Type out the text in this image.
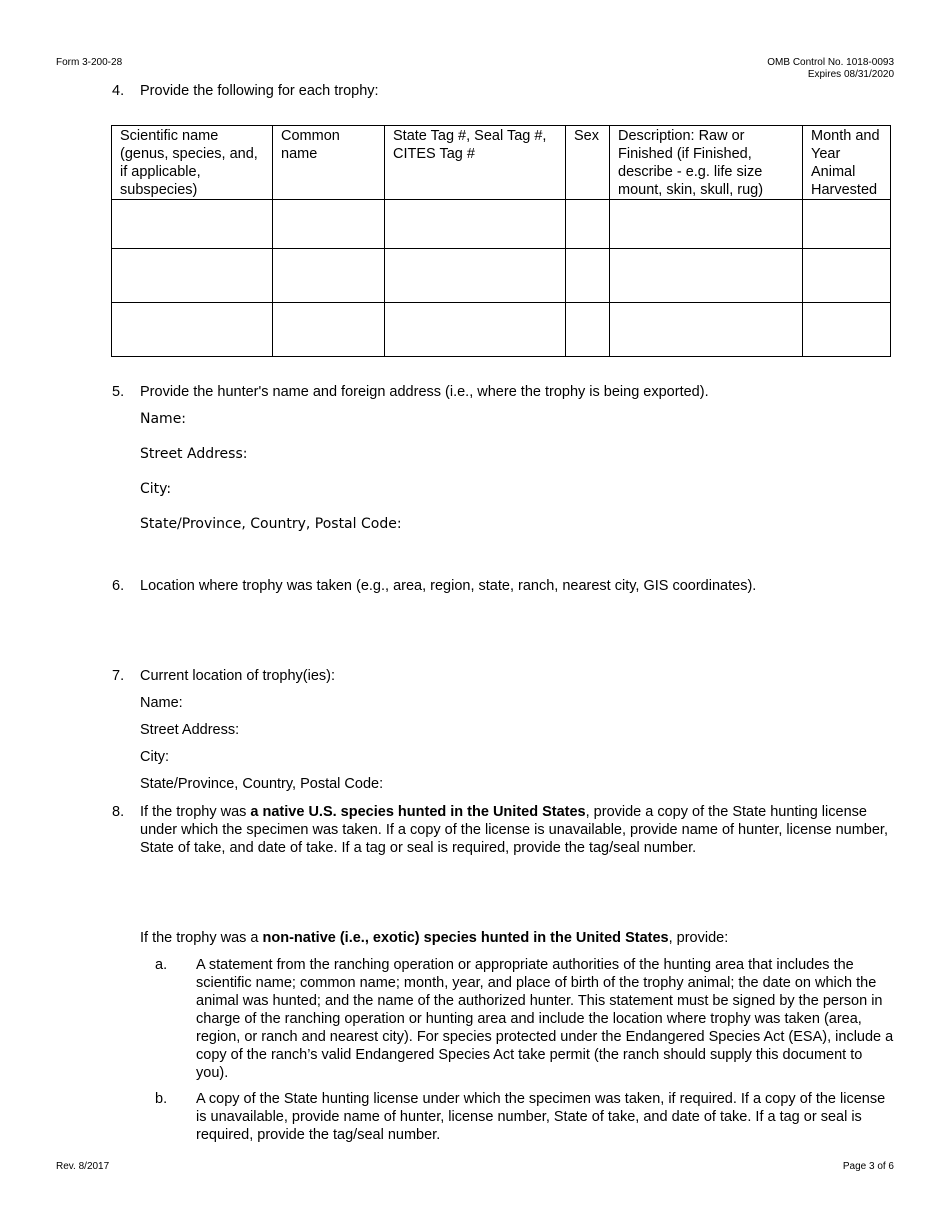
Form 3-200-28	OMB Control No. 1018-0093
Expires 08/31/2020
4. Provide the following for each trophy:
Scientific name (genus, species, and, if applicable, subspecies)	Common name	State Tag #, Seal Tag #, CITES Tag #	Sex	Description: Raw or Finished (if Finished, describe - e.g. life size mount, skin, skull, rug)	Month and Year Animal Harvested

5. Provide the hunter's name and foreign address (i.e., where the trophy is being exported).
Name:
Street Address:
City:
State/Province, Country, Postal Code:
6. Location where trophy was taken (e.g., area, region, state, ranch, nearest city, GIS coordinates).
7. Current location of trophy(ies):
Name:
Street Address:
City:
State/Province, Country, Postal Code:
8. If the trophy was a native U.S. species hunted in the United States, provide a copy of the State hunting license under which the specimen was taken. If a copy of the license is unavailable, provide name of hunter, license number, State of take, and date of take. If a tag or seal is required, provide the tag/seal number.
If the trophy was a non-native (i.e., exotic) species hunted in the United States, provide:
a. A statement from the ranching operation or appropriate authorities of the hunting area that includes the scientific name; common name; month, year, and place of birth of the trophy animal; the date on which the animal was hunted; and the name of the authorized hunter. This statement must be signed by the person in charge of the ranching operation or hunting area and include the location where trophy was taken (area, region, or ranch and nearest city). For species protected under the Endangered Species Act (ESA), include a copy of the ranch’s valid Endangered Species Act take permit (the ranch should supply this document to you).
b. A copy of the State hunting license under which the specimen was taken, if required. If a copy of the license is unavailable, provide name of hunter, license number, State of take, and date of take. If a tag or seal is required, provide the tag/seal number.
Rev. 8/2017	Page 3 of 6
